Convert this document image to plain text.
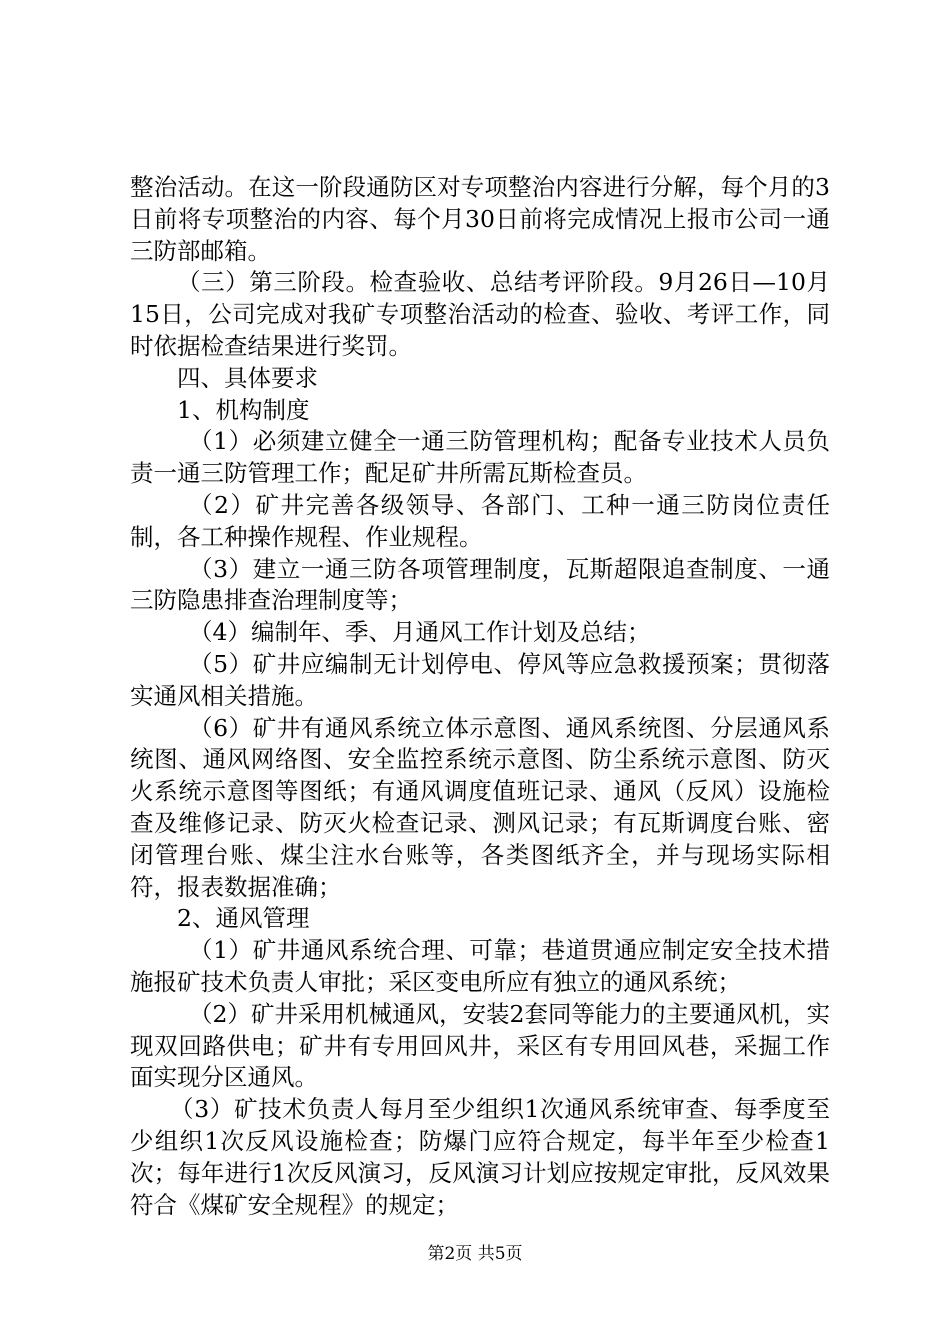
整治活动。在这一阶段通防区对专项整治内容进行分解，每个月的3日前将专项整治的内容、每个月30日前将完成情况上报市公司一通三防部邮箱。

（三）第三阶段。检查验收、总结考评阶段。9月26日—10月15日，公司完成对我矿专项整治活动的检查、验收、考评工作，同时依据检查结果进行奖罚。

四、具体要求

1、机构制度

（1）必须建立健全一通三防管理机构；配备专业技术人员负责一通三防管理工作；配足矿井所需瓦斯检查员。

（2）矿井完善各级领导、各部门、工种一通三防岗位责任制，各工种操作规程、作业规程。

（3）建立一通三防各项管理制度，瓦斯超限追查制度、一通三防隐患排查治理制度等；

（4）编制年、季、月通风工作计划及总结；

（5）矿井应编制无计划停电、停风等应急救援预案；贯彻落实通风相关措施。

（6）矿井有通风系统立体示意图、通风系统图、分层通风系统图、通风网络图、安全监控系统示意图、防尘系统示意图、防灭火系统示意图等图纸；有通风调度值班记录、通风（反风）设施检查及维修记录、防灭火检查记录、测风记录；有瓦斯调度台账、密闭管理台账、煤尘注水台账等，各类图纸齐全，并与现场实际相符，报表数据准确；

2、通风管理

（1）矿井通风系统合理、可靠；巷道贯通应制定安全技术措施报矿技术负责人审批；采区变电所应有独立的通风系统；

（2）矿井采用机械通风，安装2套同等能力的主要通风机，实现双回路供电；矿井有专用回风井，采区有专用回风巷，采掘工作面实现分区通风。

（3）矿技术负责人每月至少组织1次通风系统审查、每季度至少组织1次反风设施检查；防爆门应符合规定，每半年至少检查1次；每年进行1次反风演习，反风演习计划应按规定审批，反风效果符合《煤矿安全规程》的规定；

第2页 共5页
